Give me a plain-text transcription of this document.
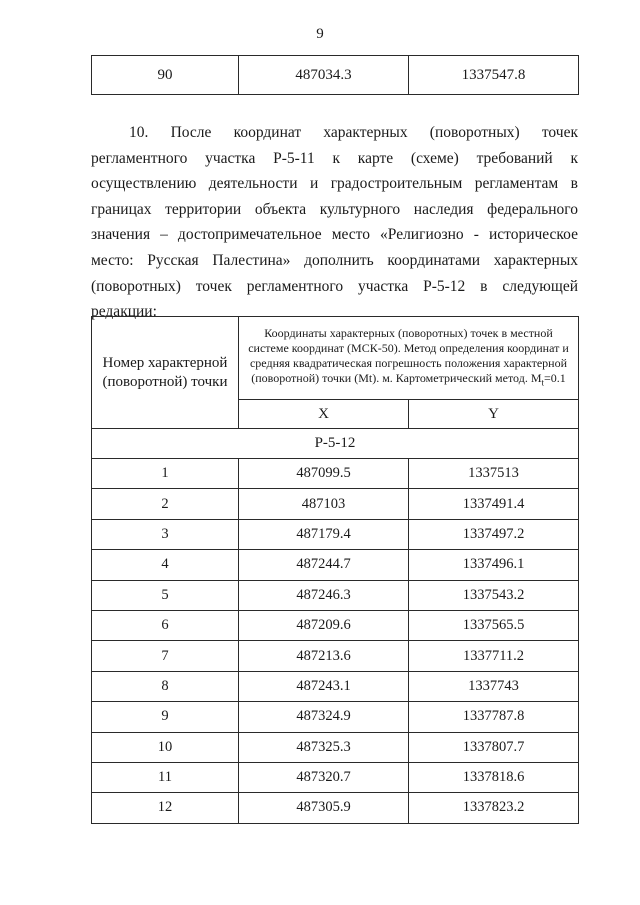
9
90	487034.3	1337547.8

10. После координат характерных (поворотных) точек регламентного участка Р-5-11 к карте (схеме) требований к осуществлению деятельности и градостроительным регламентам в границах территории объекта культурного наследия федерального значения – достопримечательное место «Религиозно - историческое место: Русская Палестина» дополнить координатами характерных (поворотных) точек регламентного участка Р-5-12 в следующей редакции:

Номер характерной (поворотной) точки	Координаты характерных (поворотных) точек в местной системе координат (МСК-50). Метод определения координат и средняя квадратическая погрешность положения характерной (поворотной) точки (Mt). м. Картометрический метод. $M_t=0.1$	
	X	Y
Р-5-12		
1	487099.5	1337513
2	487103	1337491.4
3	487179.4	1337497.2
4	487244.7	1337496.1
5	487246.3	1337543.2
6	487209.6	1337565.5
7	487213.6	1337711.2
8	487243.1	1337743
9	487324.9	1337787.8
10	487325.3	1337807.7
11	487320.7	1337818.6
12	487305.9	1337823.2
